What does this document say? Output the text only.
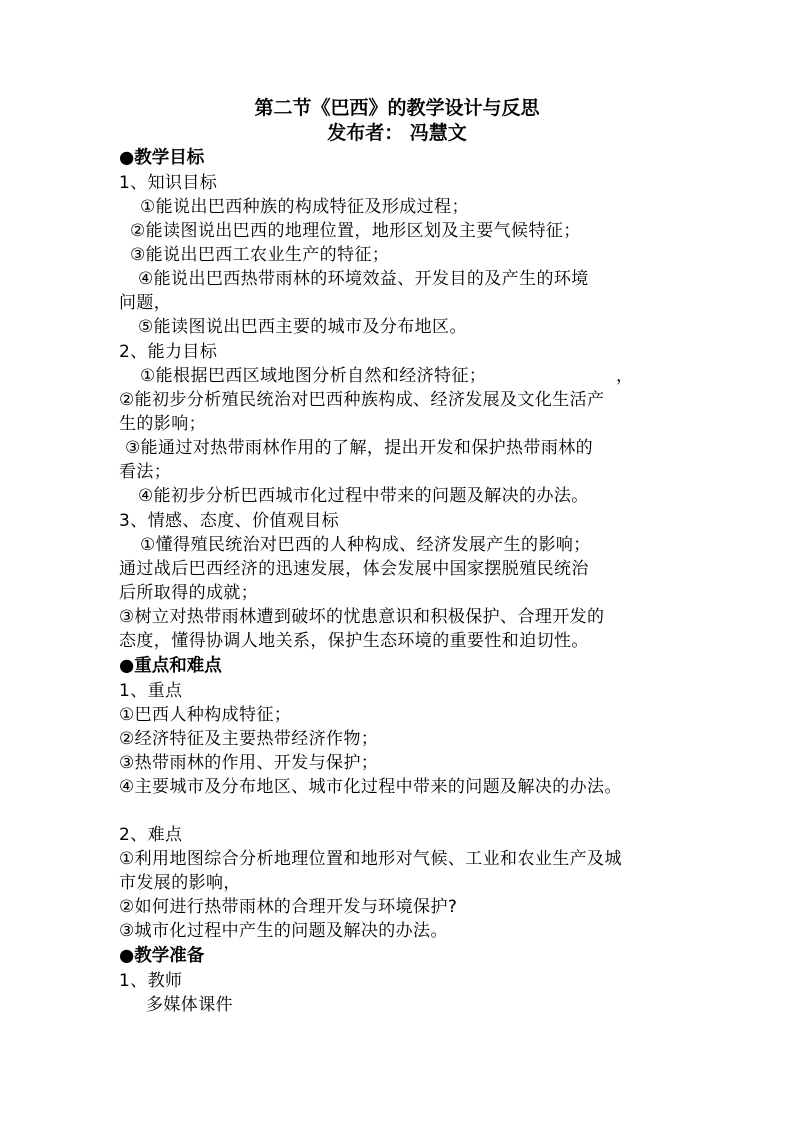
第二节《巴西》的教学设计与反思
发布者： 冯慧文
●教学目标
1、知识目标
①能说出巴西种族的构成特征及形成过程；
②能读图说出巴西的地理位置，地形区划及主要气候特征；
③能说出巴西工农业生产的特征；
④能说出巴西热带雨林的环境效益、开发目的及产生的环境
问题，
⑤能读图说出巴西主要的城市及分布地区。
2、能力目标
①能根据巴西区域地图分析自然和经济特征；	，
②能初步分析殖民统治对巴西种族构成、经济发展及文化生活产
生的影响；
③能通过对热带雨林作用的了解，提出开发和保护热带雨林的
看法；
④能初步分析巴西城市化过程中带来的问题及解决的办法。
3、情感、态度、价值观目标
①懂得殖民统治对巴西的人种构成、经济发展产生的影响；
通过战后巴西经济的迅速发展，体会发展中国家摆脱殖民统治
后所取得的成就；
③树立对热带雨林遭到破坏的忧患意识和积极保护、合理开发的
态度，懂得协调人地关系，保护生态环境的重要性和迫切性。
●重点和难点
1、重点
①巴西人种构成特征；
②经济特征及主要热带经济作物；
③热带雨林的作用、开发与保护；
④主要城市及分布地区、城市化过程中带来的问题及解决的办法。
2、难点
①利用地图综合分析地理位置和地形对气候、工业和农业生产及城
市发展的影响，
②如何进行热带雨林的合理开发与环境保护?
③城市化过程中产生的问题及解决的办法。
●教学准备
1、教师
多媒体课件
